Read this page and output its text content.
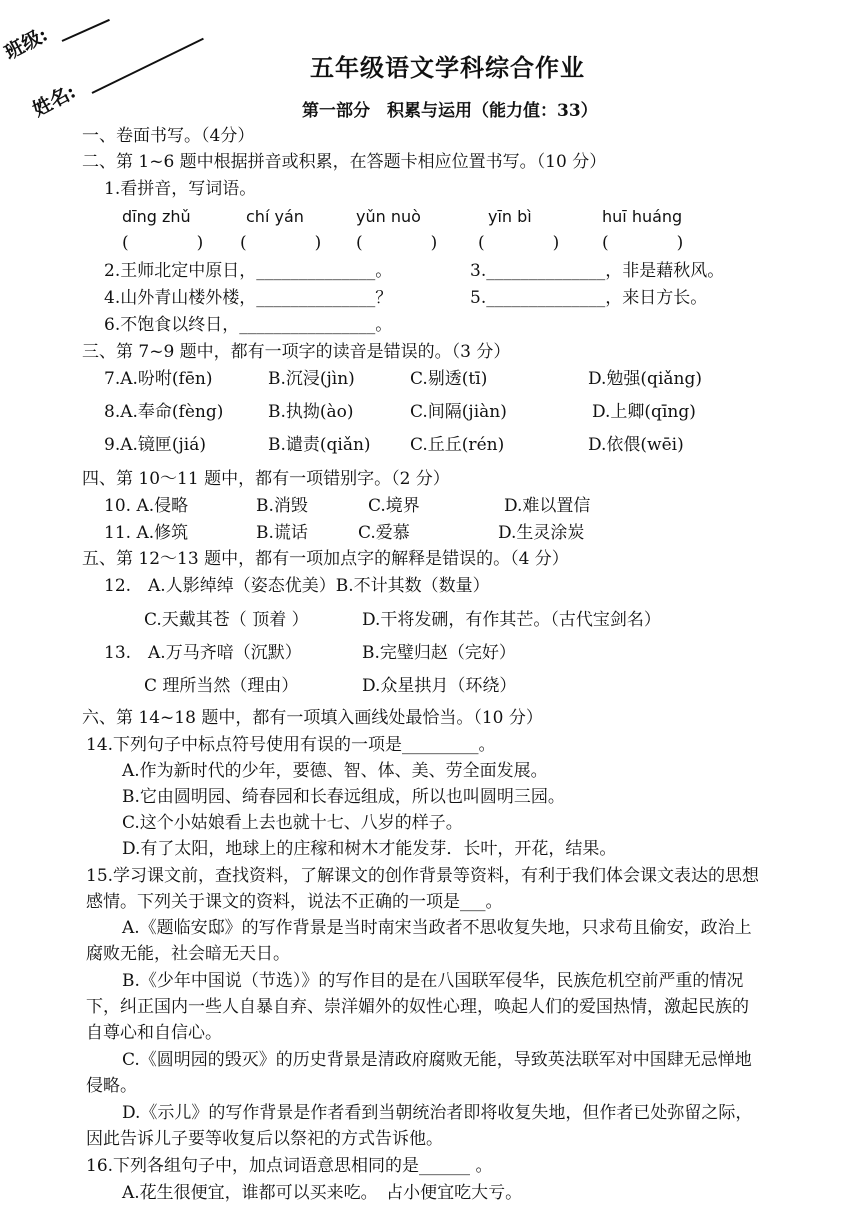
班级:
姓名:
五年级语文学科综合作业
第一部分　积累与运用（能力值：33）
一、卷面书写。（4分）
二、第 1~6 题中根据拼音或积累，在答题卡相应位置书写。（10 分）
1.看拼音，写词语。
dīng zhǔ	chí yán	yǔn nuò	yīn bì	huī huáng
(　　　　) (　　　　) (　　　　) (　　　　)	(　　　　)
2.王师北定中原日，______________。	3.______________，非是藉秋风。
4.山外青山楼外楼，______________？	5.______________，来日方长。
6.不饱食以终日，________________。
三、第 7~9 题中，都有一项字的读音是错误的。（3 分）
7.A.吩咐(fēn)	B.沉浸(jìn)	C.剔透(tī)	D.勉强(qiǎng)
8.A.奉命(fèng)	B.执拗(ào)	C.间隔(jiàn)	D.上卿(qīng)
9.A.镜匣(jiá)	B.谴责(qiǎn) C.丘丘(rén)	D.依偎(wēi)
四、第 10～11 题中，都有一项错别字。（2 分）
10. A.侵略	B.消毁	C.境界	D.难以置信
11. A.修筑	B.谎话	C.爱慕	D.生灵涂炭
五、第 12～13 题中，都有一项加点字的解释是错误的。（4 分）
12.　A.人影绰绰（姿态优美）B.不计其数（数量）
C.天戴其苍（ 顶着 ）	D.干将发硎，有作其芒。（古代宝剑名）
13.　A.万马齐喑（沉默）	B.完璧归赵（完好）
C 理所当然（理由）	D.众星拱月（环绕）
六、第 14~18 题中，都有一项填入画线处最恰当。（10 分）
14.下列句子中标点符号使用有误的一项是_________。
A.作为新时代的少年，要德、智、体、美、劳全面发展。
B.它由圆明园、绮春园和长春远组成，所以也叫圆明三园。
C.这个小姑娘看上去也就十七、八岁的样子。
D.有了太阳，地球上的庄稼和树木才能发芽．长叶，开花，结果。
15.学习课文前，查找资料，了解课文的创作背景等资料，有利于我们体会课文表达的思想
感情。下列关于课文的资料，说法不正确的一项是___。
A.《题临安邸》的写作背景是当时南宋当政者不思收复失地，只求苟且偷安，政治上
腐败无能，社会暗无天日。
B.《少年中国说（节选）》的写作目的是在八国联军侵华，民族危机空前严重的情况
下，纠正国内一些人自暴自弃、崇洋媚外的奴性心理，唤起人们的爱国热情，激起民族的
自尊心和自信心。
C.《圆明园的毁灭》的历史背景是清政府腐败无能，导致英法联军对中国肆无忌惮地
侵略。
D.《示儿》的写作背景是作者看到当朝统治者即将收复失地，但作者已处弥留之际，
因此告诉儿子要等收复后以祭祀的方式告诉他。
16.下列各组句子中，加点词语意思相同的是______ 。
A.花生很便宜，谁都可以买来吃。　占小便宜吃大亏。
